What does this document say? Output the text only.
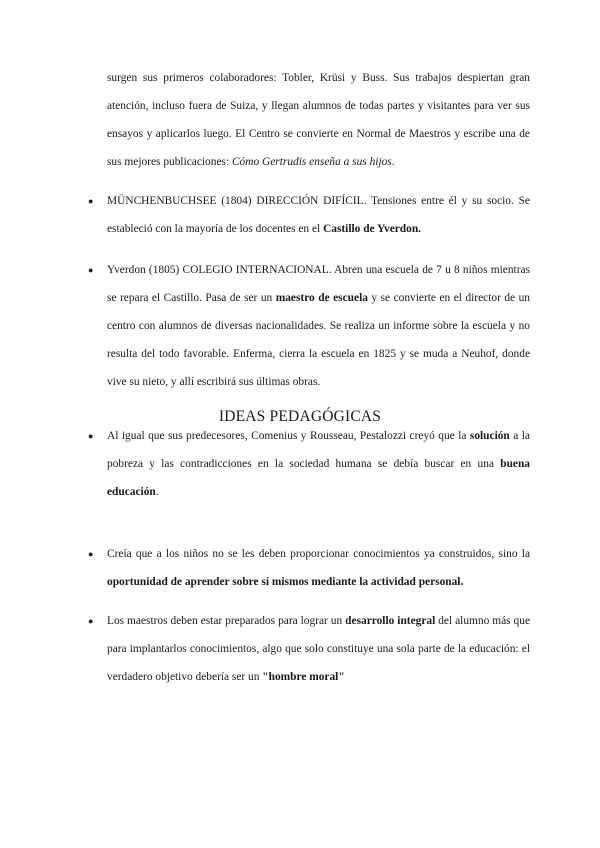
surgen sus primeros colaboradores: Tobler, Krüsi y Buss. Sus trabajos despiertan gran atención, incluso fuera de Suiza, y llegan alumnos de todas partes y visitantes para ver sus ensayos y aplicarlos luego. El Centro se convierte en Normal de Maestros y escribe una de sus mejores publicaciones: Cómo Gertrudis enseña a sus hijos.

● MÜNCHENBUCHSEE (1804) DIRECCIÓN DIFÍCIL. Tensiones entre él y su socio. Se estableció con la mayoría de los docentes en el Castillo de Yverdon.

● Yverdon (1805) COLEGIO INTERNACIONAL. Abren una escuela de 7 u 8 niños mientras se repara el Castillo. Pasa de ser un maestro de escuela y se convierte en el director de un centro con alumnos de diversas nacionalidades. Se realiza un informe sobre la escuela y no resulta del todo favorable. Enferma, cierra la escuela en 1825 y se muda a Neuhof, donde vive su nieto, y allí escribirá sus últimas obras.

IDEAS PEDAGÓGICAS
● Al igual que sus predecesores, Comenius y Rousseau, Pestalozzi creyó que la solución a la pobreza y las contradicciones en la sociedad humana se debía buscar en una buena educación.

● Creía que a los niños no se les deben proporcionar conocimientos ya construidos, sino la oportunidad de aprender sobre sí mismos mediante la actividad personal.

● Los maestros deben estar preparados para lograr un desarrollo integral del alumno más que para implantarlos conocimientos, algo que solo constituye una sola parte de la educación: el verdadero objetivo debería ser un "hombre moral"
